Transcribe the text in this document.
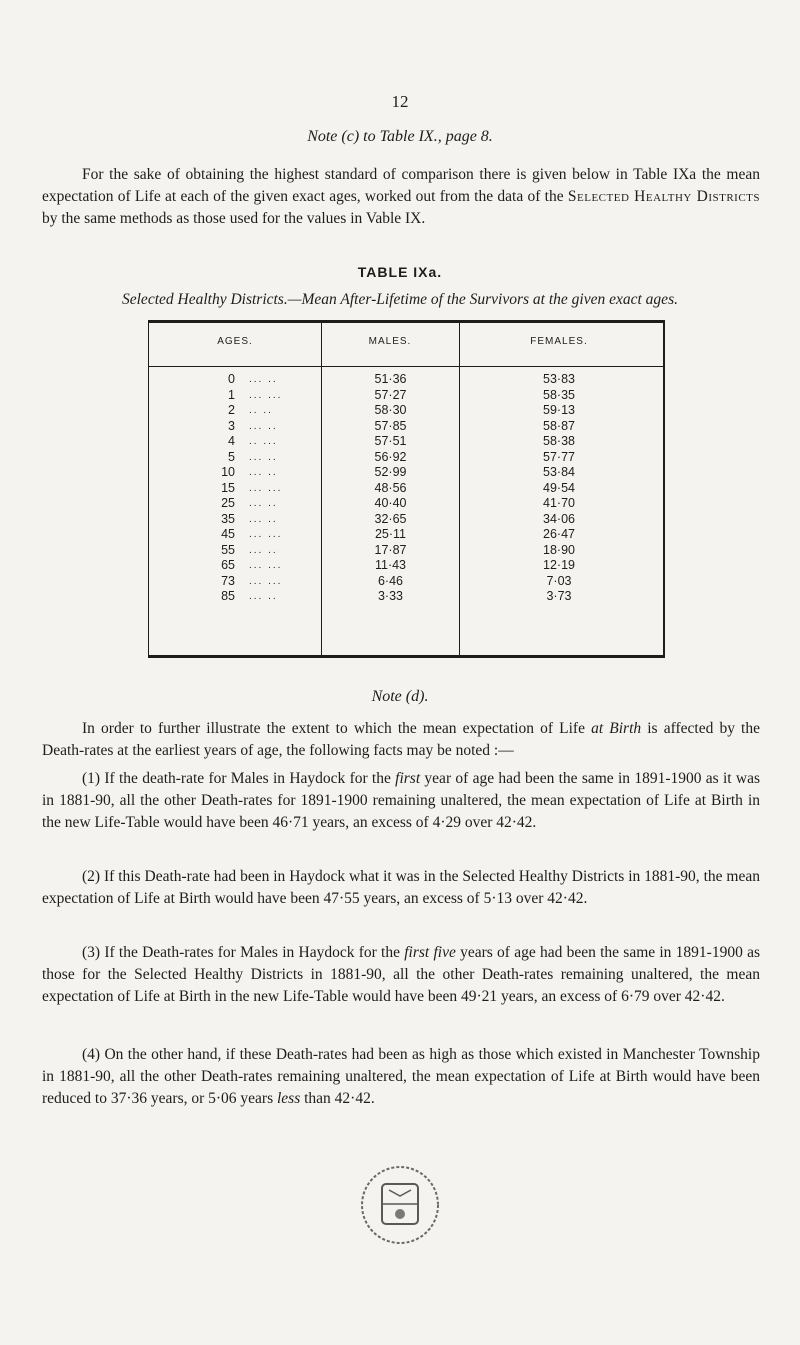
12
Note (c) to Table IX., page 8.

For the sake of obtaining the highest standard of comparison there is given below in Table IXa the mean expectation of Life at each of the given exact ages, worked out from the data of the Selected Healthy Districts by the same methods as those used for the values in Vable IX.

TABLE IXa.
Selected Healthy Districts.—Mean After-Lifetime of the Survivors at the given exact ages.
AGES.	MALES.	FEMALES.
0 ... ..	51·36	53·83
1 ... ...	57·27	58·35
2 .. ..	58·30	59·13
3 ... ..	57·85	58·87
4 .. ...	57·51	58·38
5 ... ..	56·92	57·77
10 ... ..	52·99	53·84
15 ... ...	48·56	49·54
25 ... ..	40·40	41·70
35 ... ..	32·65	34·06
45 ... ...	25·11	26·47
55 ... ..	17·87	18·90
65 ... ...	11·43	12·19
73 ... ...	6·46	7·03
85 ... ..	3·33	3·73
Note (d).

In order to further illustrate the extent to which the mean expectation of Life at Birth is affected by the Death-rates at the earliest years of age, the following facts may be noted :—

(1) If the death-rate for Males in Haydock for the first year of age had been the same in 1891-1900 as it was in 1881-90, all the other Death-rates for 1891-1900 remaining unaltered, the mean expectation of Life at Birth in the new Life-Table would have been 46·71 years, an excess of 4·29 over 42·42.

(2) If this Death-rate had been in Haydock what it was in the Selected Healthy Districts in 1881-90, the mean expectation of Life at Birth would have been 47·55 years, an excess of 5·13 over 42·42.

(3) If the Death-rates for Males in Haydock for the first five years of age had been the same in 1891-1900 as those for the Selected Healthy Districts in 1881-90, all the other Death-rates remaining unaltered, the mean expectation of Life at Birth in the new Life-Table would have been 49·21 years, an excess of 6·79 over 42·42.

(4) On the other hand, if these Death-rates had been as high as those which existed in Manchester Township in 1881-90, all the other Death-rates remaining unaltered, the mean expectation of Life at Birth would have been reduced to 37·36 years, or 5·06 years less than 42·42.
